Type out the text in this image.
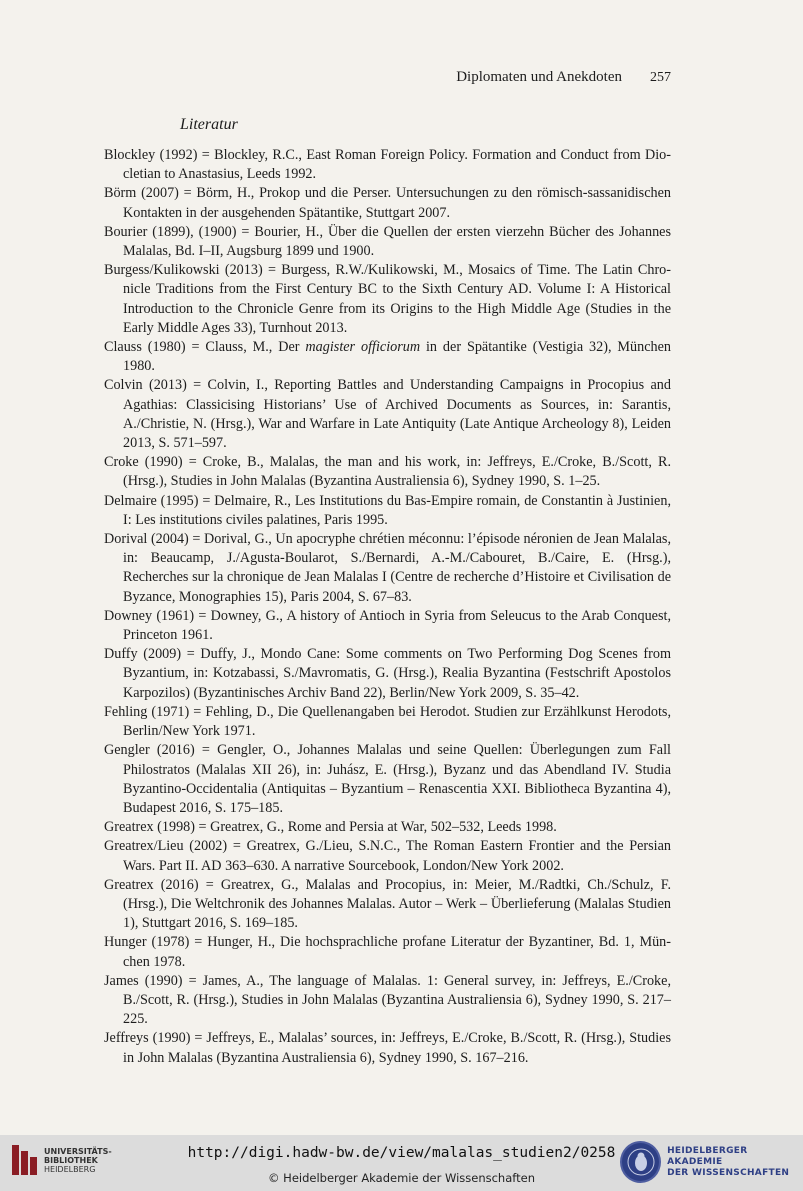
Diplomaten und Anekdoten 257
Literatur

Blockley (1992) = Blockley, R.C., East Roman Foreign Policy. Formation and Conduct from Diocletian to Anastasius, Leeds 1992.

Börm (2007) = Börm, H., Prokop und die Perser. Untersuchungen zu den römisch-sassanidischen Kontakten in der ausgehenden Spätantike, Stuttgart 2007.

Bourier (1899), (1900) = Bourier, H., Über die Quellen der ersten vierzehn Bücher des Johannes Malalas, Bd. I–II, Augsburg 1899 und 1900.

Burgess/Kulikowski (2013) = Burgess, R.W./Kulikowski, M., Mosaics of Time. The Latin Chronicle Traditions from the First Century BC to the Sixth Century AD. Volume I: A Historical Introduction to the Chronicle Genre from its Origins to the High Middle Age (Studies in the Early Middle Ages 33), Turnhout 2013.

Clauss (1980) = Clauss, M., Der magister officiorum in der Spätantike (Vestigia 32), München 1980.

Colvin (2013) = Colvin, I., Reporting Battles and Understanding Campaigns in Procopius and Agathias: Classicising Historians’ Use of Archived Documents as Sources, in: Sarantis, A./Christie, N. (Hrsg.), War and Warfare in Late Antiquity (Late Antique Archeology 8), Leiden 2013, S. 571–597.

Croke (1990) = Croke, B., Malalas, the man and his work, in: Jeffreys, E./Croke, B./Scott, R. (Hrsg.), Studies in John Malalas (Byzantina Australiensia 6), Sydney 1990, S. 1–25.

Delmaire (1995) = Delmaire, R., Les Institutions du Bas-Empire romain, de Constantin à Justinien, I: Les institutions civiles palatines, Paris 1995.

Dorival (2004) = Dorival, G., Un apocryphe chrétien méconnu: l’épisode néronien de Jean Malalas, in: Beaucamp, J./Agusta-Boularot, S./Bernardi, A.-M./Cabouret, B./Caire, E. (Hrsg.), Recherches sur la chronique de Jean Malalas I (Centre de recherche d’Histoire et Civilisation de Byzance, Monographies 15), Paris 2004, S. 67–83.

Downey (1961) = Downey, G., A history of Antioch in Syria from Seleucus to the Arab Conquest, Princeton 1961.

Duffy (2009) = Duffy, J., Mondo Cane: Some comments on Two Performing Dog Scenes from Byzantium, in: Kotzabassi, S./Mavromatis, G. (Hrsg.), Realia Byzantina (Festschrift Apostolos Karpozilos) (Byzantinisches Archiv Band 22), Berlin/New York 2009, S. 35–42.

Fehling (1971) = Fehling, D., Die Quellenangaben bei Herodot. Studien zur Erzählkunst Herodots, Berlin/New York 1971.

Gengler (2016) = Gengler, O., Johannes Malalas und seine Quellen: Überlegungen zum Fall Philostratos (Malalas XII 26), in: Juhász, E. (Hrsg.), Byzanz und das Abendland IV. Studia Byzantino-Occidentalia (Antiquitas – Byzantium – Renascentia XXI. Bibliotheca Byzantina 4), Budapest 2016, S. 175–185.

Greatrex (1998) = Greatrex, G., Rome and Persia at War, 502–532, Leeds 1998.

Greatrex/Lieu (2002) = Greatrex, G./Lieu, S.N.C., The Roman Eastern Frontier and the Persian Wars. Part II. AD 363–630. A narrative Sourcebook, London/New York 2002.

Greatrex (2016) = Greatrex, G., Malalas and Procopius, in: Meier, M./Radtki, Ch./Schulz, F. (Hrsg.), Die Weltchronik des Johannes Malalas. Autor – Werk – Überlieferung (Malalas Studien 1), Stuttgart 2016, S. 169–185.

Hunger (1978) = Hunger, H., Die hochsprachliche profane Literatur der Byzantiner, Bd. 1, München 1978.

James (1990) = James, A., The language of Malalas. 1: General survey, in: Jeffreys, E./Croke, B./Scott, R. (Hrsg.), Studies in John Malalas (Byzantina Australiensia 6), Sydney 1990, S. 217–225.

Jeffreys (1990) = Jeffreys, E., Malalas’ sources, in: Jeffreys, E./Croke, B./Scott, R. (Hrsg.), Studies in John Malalas (Byzantina Australiensia 6), Sydney 1990, S. 167–216.

UNIVERSITÄTS-
BIBLIOTHEK
HEIDELBERG
http://digi.hadw-bw.de/view/malalas_studien2/0258
© Heidelberger Akademie der Wissenschaften
HEIDELBERGER AKADEMIE
DER WISSENSCHAFTEN
